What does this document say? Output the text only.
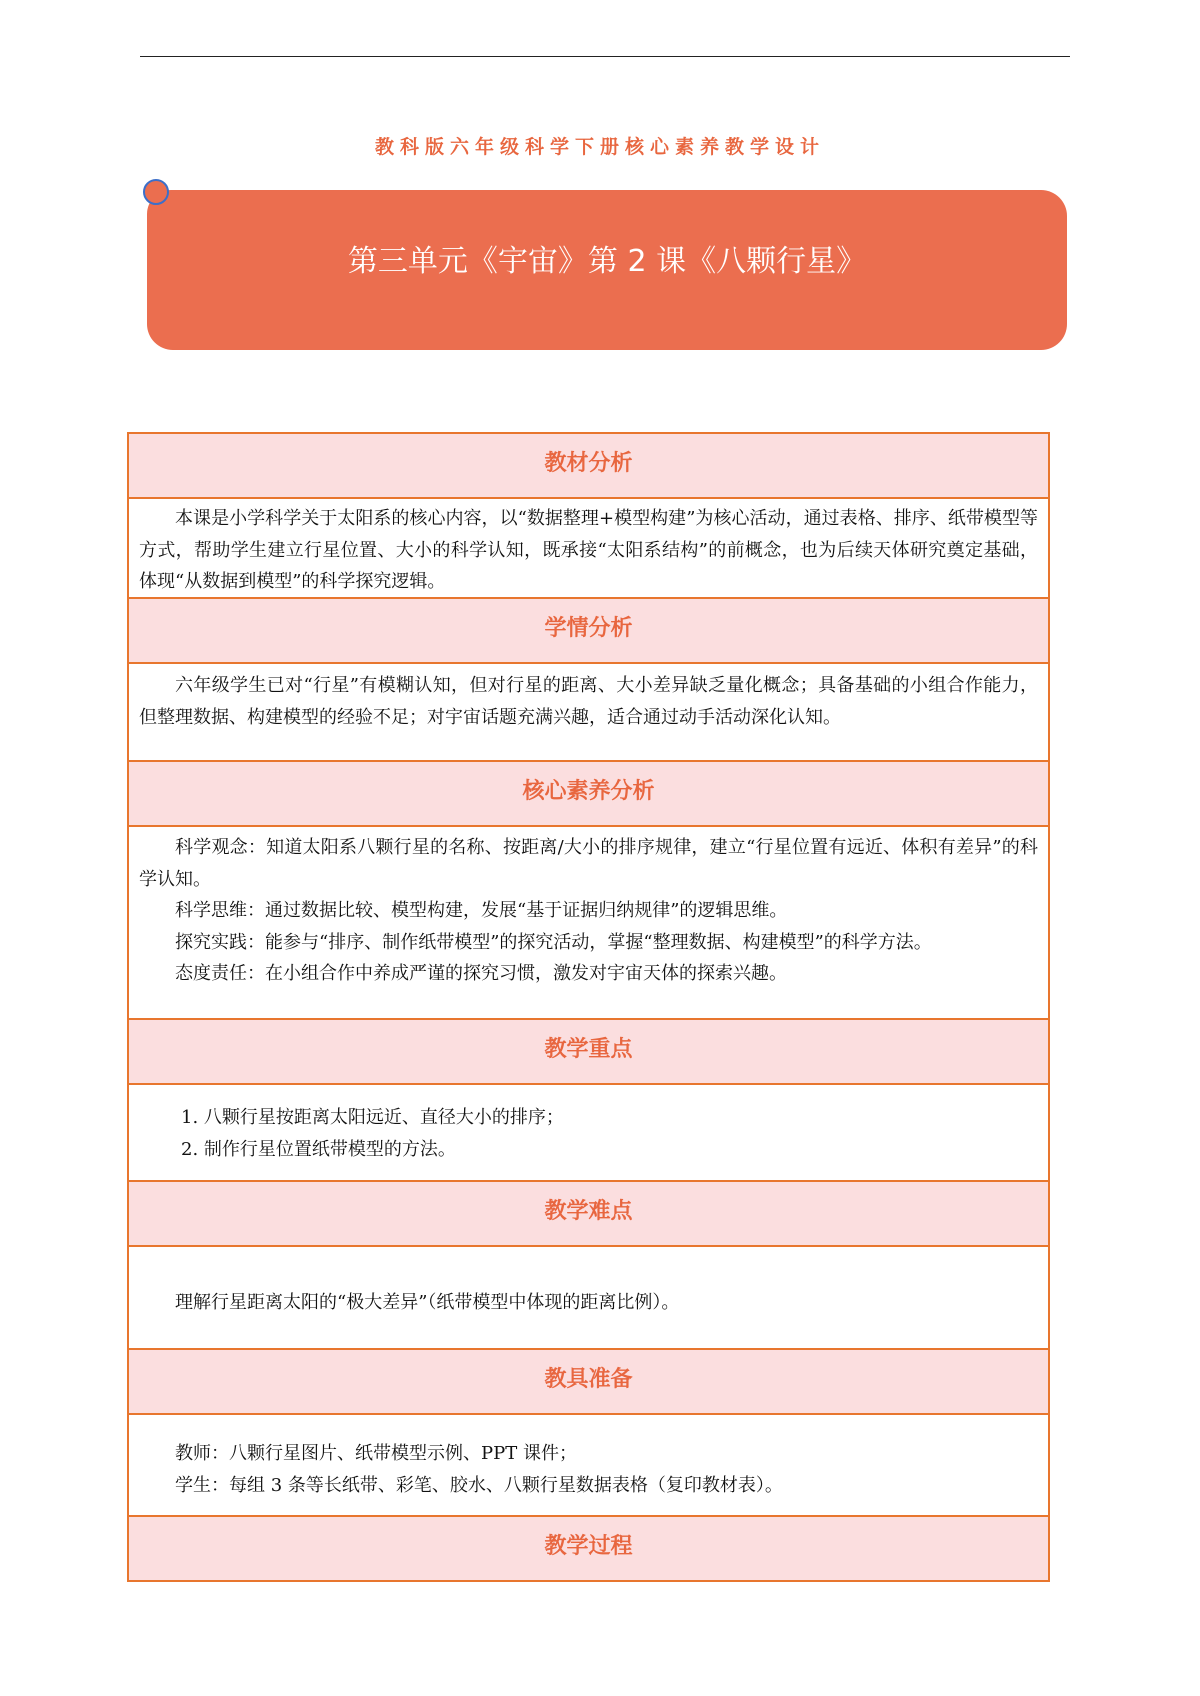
教科版六年级科学下册核心素养教学设计
第三单元《宇宙》第 2 课《八颗行星》
教材分析

本课是小学科学关于太阳系的核心内容，以“数据整理+模型构建”为核心活动，通过表格、排序、纸带模型等方式，帮助学生建立行星位置、大小的科学认知，既承接“太阳系结构”的前概念，也为后续天体研究奠定基础，体现“从数据到模型”的科学探究逻辑。

学情分析

六年级学生已对“行星”有模糊认知，但对行星的距离、大小差异缺乏量化概念；具备基础的小组合作能力，但整理数据、构建模型的经验不足；对宇宙话题充满兴趣，适合通过动手活动深化认知。

核心素养分析

科学观念：知道太阳系八颗行星的名称、按距离/大小的排序规律，建立“行星位置有远近、体积有差异”的科学认知。

科学思维：通过数据比较、模型构建，发展“基于证据归纳规律”的逻辑思维。

探究实践：能参与“排序、制作纸带模型”的探究活动，掌握“整理数据、构建模型”的科学方法。

态度责任：在小组合作中养成严谨的探究习惯，激发对宇宙天体的探索兴趣。

教学重点

1. 八颗行星按距离太阳远近、直径大小的排序；

2. 制作行星位置纸带模型的方法。

教学难点

理解行星距离太阳的“极大差异”（纸带模型中体现的距离比例）。

教具准备

教师：八颗行星图片、纸带模型示例、PPT 课件；

学生：每组 3 条等长纸带、彩笔、胶水、八颗行星数据表格（复印教材表）。

教学过程
